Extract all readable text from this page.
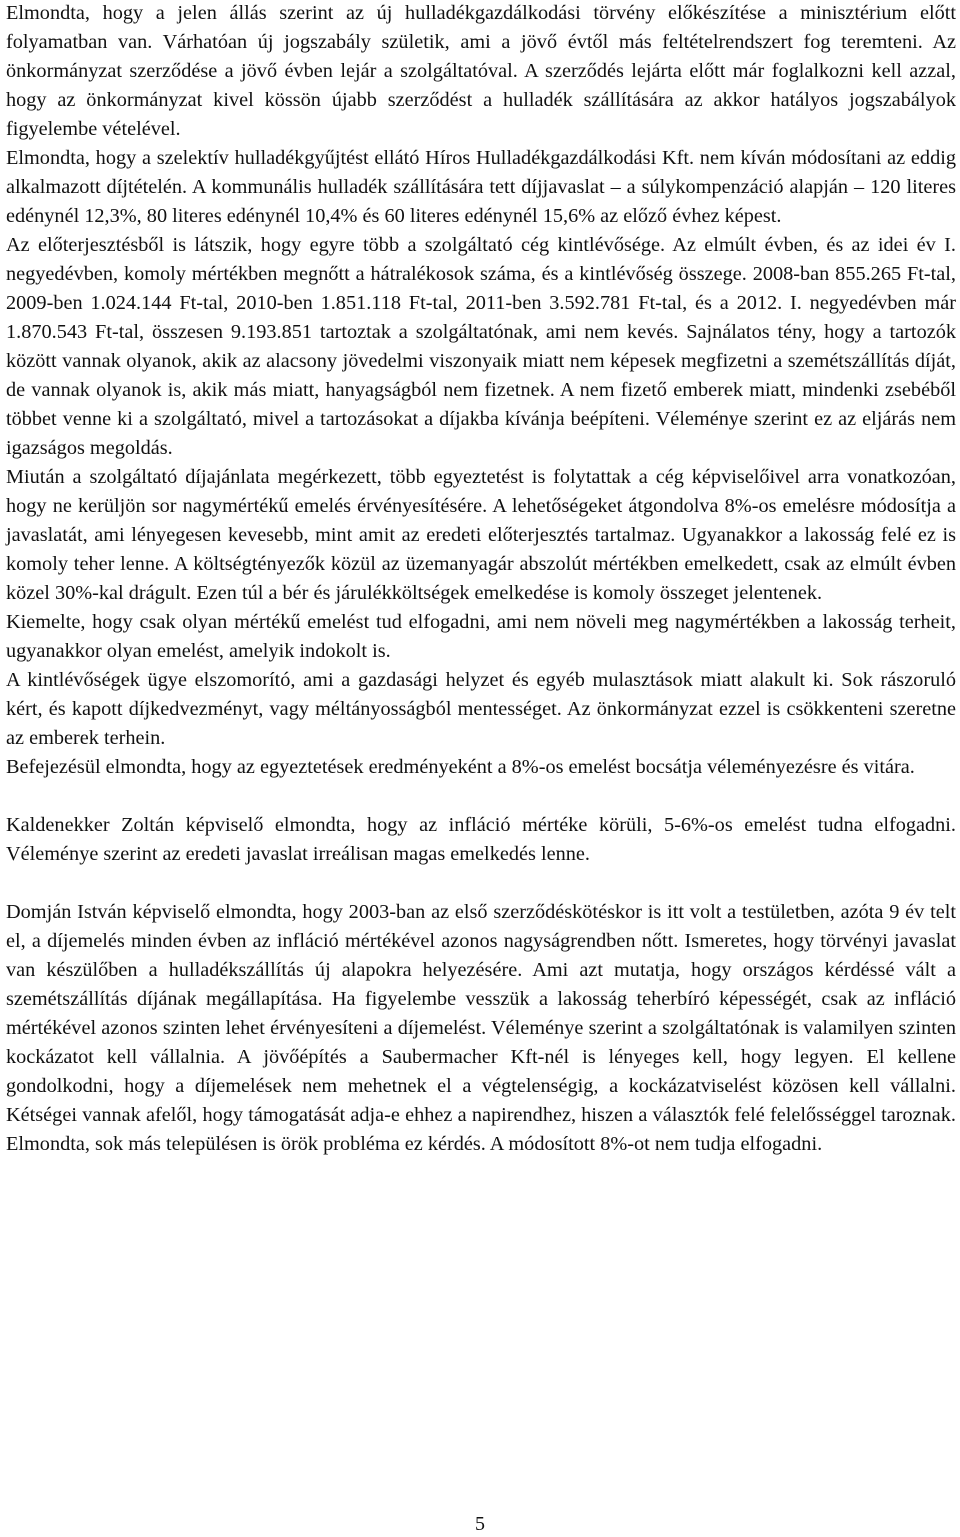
Elmondta, hogy a jelen állás szerint az új hulladékgazdálkodási törvény előkészítése a minisztérium előtt folyamatban van. Várhatóan új jogszabály születik, ami a jövő évtől más feltételrendszert fog teremteni. Az önkormányzat szerződése a jövő évben lejár a szolgáltatóval. A szerződés lejárta előtt már foglalkozni kell azzal, hogy az önkormányzat kivel kössön újabb szerződést a hulladék szállítására az akkor hatályos jogszabályok figyelembe vételével.

Elmondta, hogy a szelektív hulladékgyűjtést ellátó Híros Hulladékgazdálkodási Kft. nem kíván módosítani az eddig alkalmazott díjtételén. A kommunális hulladék szállítására tett díjjavaslat – a súlykompenzáció alapján – 120 literes edénynél 12,3%, 80 literes edénynél 10,4% és 60 literes edénynél 15,6% az előző évhez képest.

Az előterjesztésből is látszik, hogy egyre több a szolgáltató cég kintlévősége. Az elmúlt évben, és az idei év I. negyedévben, komoly mértékben megnőtt a hátralékosok száma, és a kintlévőség összege. 2008-ban 855.265 Ft-tal, 2009-ben 1.024.144 Ft-tal, 2010-ben 1.851.118 Ft-tal, 2011-ben 3.592.781 Ft-tal, és a 2012. I. negyedévben már 1.870.543 Ft-tal, összesen 9.193.851 tartoztak a szolgáltatónak, ami nem kevés. Sajnálatos tény, hogy a tartozók között vannak olyanok, akik az alacsony jövedelmi viszonyaik miatt nem képesek megfizetni a szemétszállítás díját, de vannak olyanok is, akik más miatt, hanyagságból nem fizetnek. A nem fizető emberek miatt, mindenki zsebéből többet venne ki a szolgáltató, mivel a tartozásokat a díjakba kívánja beépíteni. Véleménye szerint ez az eljárás nem igazságos megoldás.

Miután a szolgáltató díjajánlata megérkezett, több egyeztetést is folytattak a cég képviselőivel arra vonatkozóan, hogy ne kerüljön sor nagymértékű emelés érvényesítésére. A lehetőségeket átgondolva 8%-os emelésre módosítja a javaslatát, ami lényegesen kevesebb, mint amit az eredeti előterjesztés tartalmaz. Ugyanakkor a lakosság felé ez is komoly teher lenne. A költségtényezők közül az üzemanyagár abszolút mértékben emelkedett, csak az elmúlt évben közel 30%-kal drágult. Ezen túl a bér és járulékköltségek emelkedése is komoly összeget jelentenek.

Kiemelte, hogy csak olyan mértékű emelést tud elfogadni, ami nem növeli meg nagymértékben a lakosság terheit, ugyanakkor olyan emelést, amelyik indokolt is.

A kintlévőségek ügye elszomorító, ami a gazdasági helyzet és egyéb mulasztások miatt alakult ki. Sok rászoruló kért, és kapott díjkedvezményt, vagy méltányosságból mentességet. Az önkormányzat ezzel is csökkenteni szeretne az emberek terhein.

Befejezésül elmondta, hogy az egyeztetések eredményeként a 8%-os emelést bocsátja véleményezésre és vitára.

Kaldenekker Zoltán képviselő elmondta, hogy az infláció mértéke körüli, 5-6%-os emelést tudna elfogadni. Véleménye szerint az eredeti javaslat irreálisan magas emelkedés lenne.

Domján István képviselő elmondta, hogy 2003-ban az első szerződéskötéskor is itt volt a testületben, azóta 9 év telt el, a díjemelés minden évben az infláció mértékével azonos nagyságrendben nőtt. Ismeretes, hogy törvényi javaslat van készülőben a hulladékszállítás új alapokra helyezésére. Ami azt mutatja, hogy országos kérdéssé vált a szemétszállítás díjának megállapítása. Ha figyelembe vesszük a lakosság teherbíró képességét, csak az infláció mértékével azonos szinten lehet érvényesíteni a díjemelést. Véleménye szerint a szolgáltatónak is valamilyen szinten kockázatot kell vállalnia. A jövőépítés a Saubermacher Kft-nél is lényeges kell, hogy legyen. El kellene gondolkodni, hogy a díjemelések nem mehetnek el a végtelenségig, a kockázatviselést közösen kell vállalni. Kétségei vannak afelől, hogy támogatását adja-e ehhez a napirendhez, hiszen a választók felé felelősséggel taroznak. Elmondta, sok más településen is örök probléma ez kérdés. A módosított 8%-ot nem tudja elfogadni.

5
